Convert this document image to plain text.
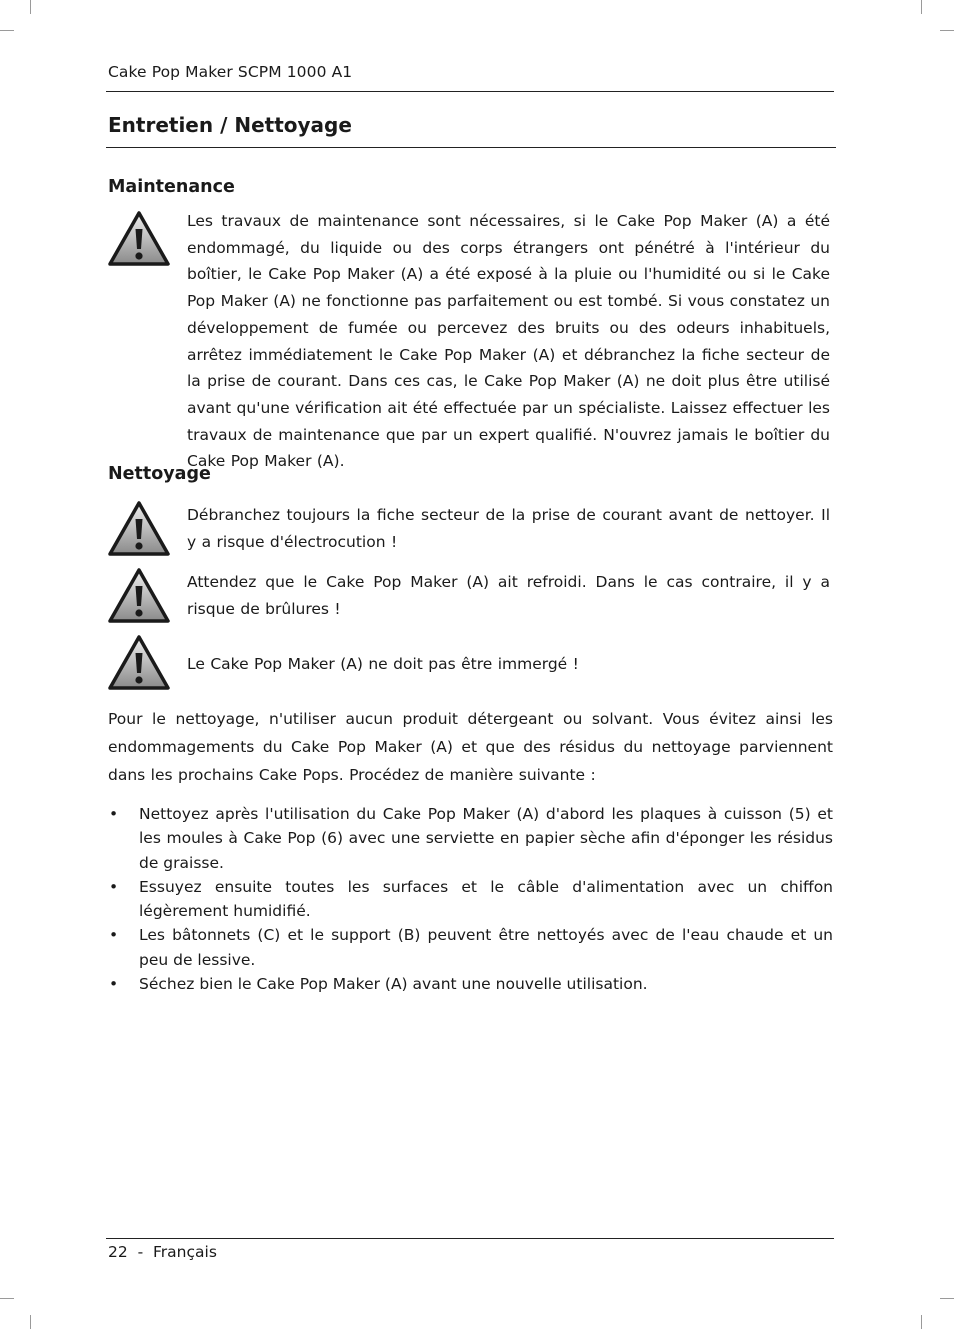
Cake Pop Maker SCPM 1000 A1
Entretien / Nettoyage
Maintenance

Les travaux de maintenance sont nécessaires, si le Cake Pop Maker (A) a été endommagé, du liquide ou des corps étrangers ont pénétré à l'intérieur du boîtier, le Cake Pop Maker (A) a été exposé à la pluie ou l'humidité ou si le Cake Pop Maker (A) ne fonctionne pas parfaitement ou est tombé. Si vous constatez un développement de fumée ou percevez des bruits ou des odeurs inhabituels, arrêtez immédiatement le Cake Pop Maker (A) et débranchez la fiche secteur de la prise de courant. Dans ces cas, le Cake Pop Maker (A) ne doit plus être utilisé avant qu'une vérification ait été effectuée par un spécialiste. Laissez effectuer les travaux de maintenance que par un expert qualifié. N'ouvrez jamais le boîtier du Cake Pop Maker (A).

Nettoyage

Débranchez toujours la fiche secteur de la prise de courant avant de nettoyer. Il y a risque d'électrocution !

Attendez que le Cake Pop Maker (A) ait refroidi. Dans le cas contraire, il y a risque de brûlures !

Le Cake Pop Maker (A) ne doit pas être immergé !

Pour le nettoyage, n'utiliser aucun produit détergeant ou solvant. Vous évitez ainsi les endommagements du Cake Pop Maker (A) et que des résidus du nettoyage parviennent dans les prochains Cake Pops. Procédez de manière suivante :

• Nettoyez après l'utilisation du Cake Pop Maker (A) d'abord les plaques à cuisson (5) et les moules à Cake Pop (6) avec une serviette en papier sèche afin d'éponger les résidus de graisse.
• Essuyez ensuite toutes les surfaces et le câble d'alimentation avec un chiffon légèrement humidifié.
• Les bâtonnets (C) et le support (B) peuvent être nettoyés avec de l'eau chaude et un peu de lessive.
• Séchez bien le Cake Pop Maker (A) avant une nouvelle utilisation.
22  -  Français
